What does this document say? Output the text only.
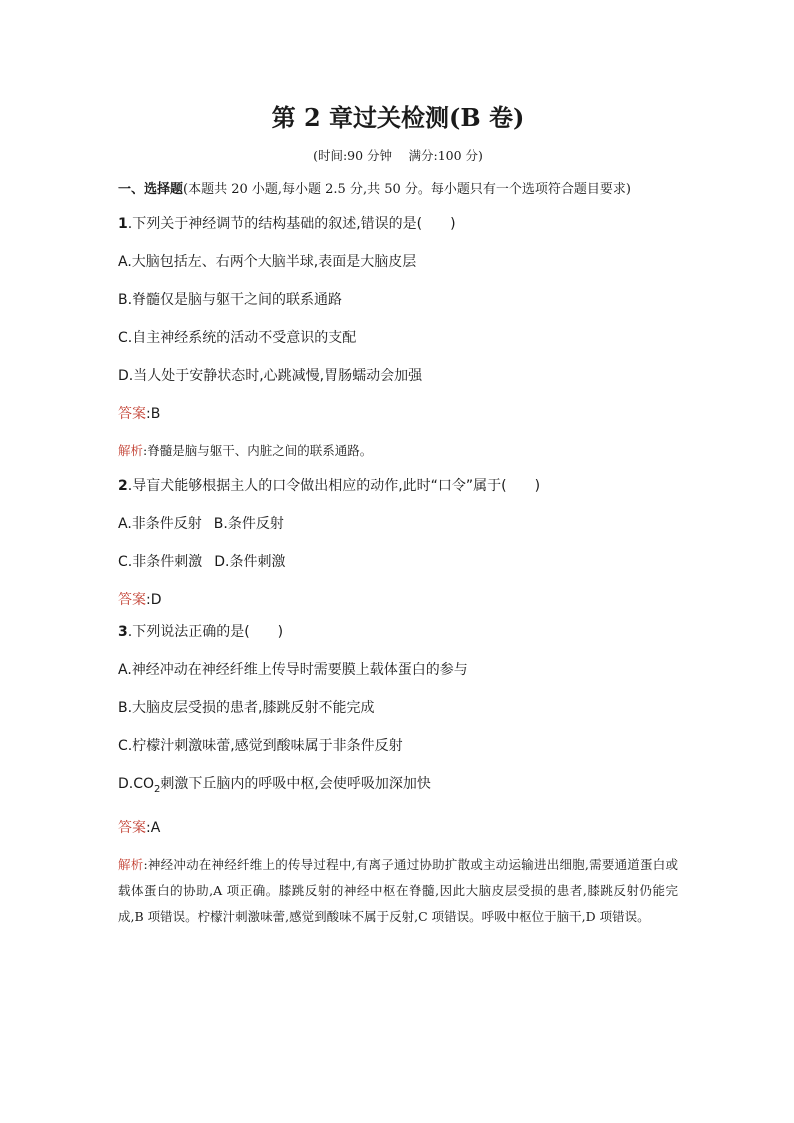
第 2 章过关检测(B 卷)
(时间:90 分钟　 满分:100 分)
一、选择题(本题共 20 小题,每小题 2.5 分,共 50 分。每小题只有一个选项符合题目要求)
1.下列关于神经调节的结构基础的叙述,错误的是( )
A.大脑包括左、右两个大脑半球,表面是大脑皮层
B.脊髓仅是脑与躯干之间的联系通路
C.自主神经系统的活动不受意识的支配
D.当人处于安静状态时,心跳减慢,胃肠蠕动会加强
答案:B
解析:脊髓是脑与躯干、内脏之间的联系通路。
2.导盲犬能够根据主人的口令做出相应的动作,此时“口令”属于( )
A.非条件反射 B.条件反射
C.非条件刺激 D.条件刺激
答案:D
3.下列说法正确的是( )
A.神经冲动在神经纤维上传导时需要膜上载体蛋白的参与
B.大脑皮层受损的患者,膝跳反射不能完成
C.柠檬汁刺激味蕾,感觉到酸味属于非条件反射
$D.CO_2$刺激下丘脑内的呼吸中枢,会使呼吸加深加快
答案:A
解析:神经冲动在神经纤维上的传导过程中,有离子通过协助扩散或主动运输进出细胞,需要通道蛋白或载体蛋白的协助,A 项正确。膝跳反射的神经中枢在脊髓,因此大脑皮层受损的患者,膝跳反射仍能完成,B 项错误。柠檬汁刺激味蕾,感觉到酸味不属于反射,C 项错误。呼吸中枢位于脑干,D 项错误。
